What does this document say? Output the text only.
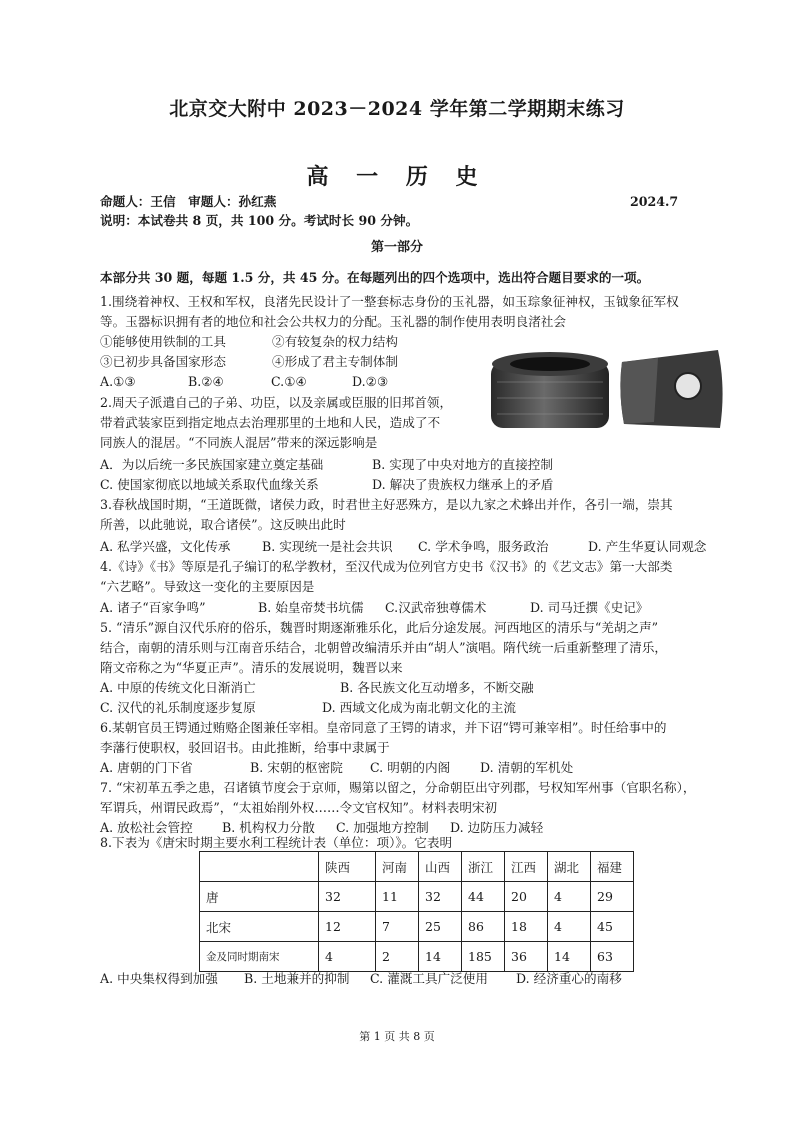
北京交大附中 2023－2024 学年第二学期期末练习
高 一 历 史
命题人：王信　审题人：孙红燕	2024.7
说明：本试卷共 8 页，共 100 分。考试时长 90 分钟。
第一部分
本部分共 30 题，每题 1.5 分，共 45 分。在每题列出的四个选项中，选出符合题目要求的一项。
1.围绕着神权、王权和军权，良渚先民设计了一整套标志身份的玉礼器，如玉琮象征神权，玉钺象征军权
等。玉器标识拥有者的地位和社会公共权力的分配。玉礼器的制作使用表明良渚社会
①能够使用铁制的工具	②有较复杂的权力结构
③已初步具备国家形态	④形成了君主专制体制
A.①③	B.②④	C.①④	D.②③
2.周天子派遣自己的子弟、功臣，以及亲属或臣服的旧邦首领，
带着武装家臣到指定地点去治理那里的土地和人民，造成了不
同族人的混居。“不同族人混居”带来的深远影响是
A．为以后统一多民族国家建立奠定基础	B. 实现了中央对地方的直接控制
C. 使国家彻底以地域关系取代血缘关系	D. 解决了贵族权力继承上的矛盾
3.春秋战国时期，“王道既微，诸侯力政，时君世主好恶殊方，是以九家之术蜂出并作，各引一端，崇其
所善，以此驰说，取合诸侯”。这反映出此时
A. 私学兴盛，文化传承	B. 实现统一是社会共识 C. 学术争鸣，服务政治	D. 产生华夏认同观念
4.《诗》《书》等原是孔子编订的私学教材，至汉代成为位列官方史书《汉书》的《艺文志》第一大部类
“六艺略”。导致这一变化的主要原因是
A. 诸子“百家争鸣”	B. 始皇帝焚书坑儒 C.汉武帝独尊儒术	D. 司马迁撰《史记》
5. “清乐”源自汉代乐府的俗乐，魏晋时期逐渐雅乐化，此后分途发展。河西地区的清乐与“羌胡之声”
结合，南朝的清乐则与江南音乐结合，北朝曾改编清乐并由“胡人”演唱。隋代统一后重新整理了清乐，
隋文帝称之为“华夏正声”。清乐的发展说明，魏晋以来
A. 中原的传统文化日渐消亡	B. 各民族文化互动增多，不断交融
C. 汉代的礼乐制度逐步复原	D. 西域文化成为南北朝文化的主流
6.某朝官员王锷通过贿赂企图兼任宰相。皇帝同意了王锷的请求，并下诏“锷可兼宰相”。时任给事中的
李藩行使职权，驳回诏书。由此推断，给事中隶属于
A. 唐朝的门下省	B. 宋朝的枢密院 C. 明朝的内阁 D. 清朝的军机处
7. “宋初革五季之患，召诸镇节度会于京师，赐第以留之，分命朝臣出守列郡，号权知军州事（官职名称），
军谓兵，州谓民政焉”，“太祖始削外权……令文官权知”。材料表明宋初
A. 放松社会管控 B. 机构权力分散 C. 加强地方控制 D. 边防压力减轻
8.下表为《唐宋时期主要水利工程统计表（单位：项）》。它表明
	陕西	河南	山西	浙江	江西	湖北	福建
唐	32	11	32	44	20	4	29
北宋	12	7	25	86	18	4	45
金及同时期南宋	4	2	14	185	36	14	63
A. 中央集权得到加强 B. 土地兼并的抑制 C. 灌溉工具广泛使用 D. 经济重心的南移
第 1 页 共 8 页
